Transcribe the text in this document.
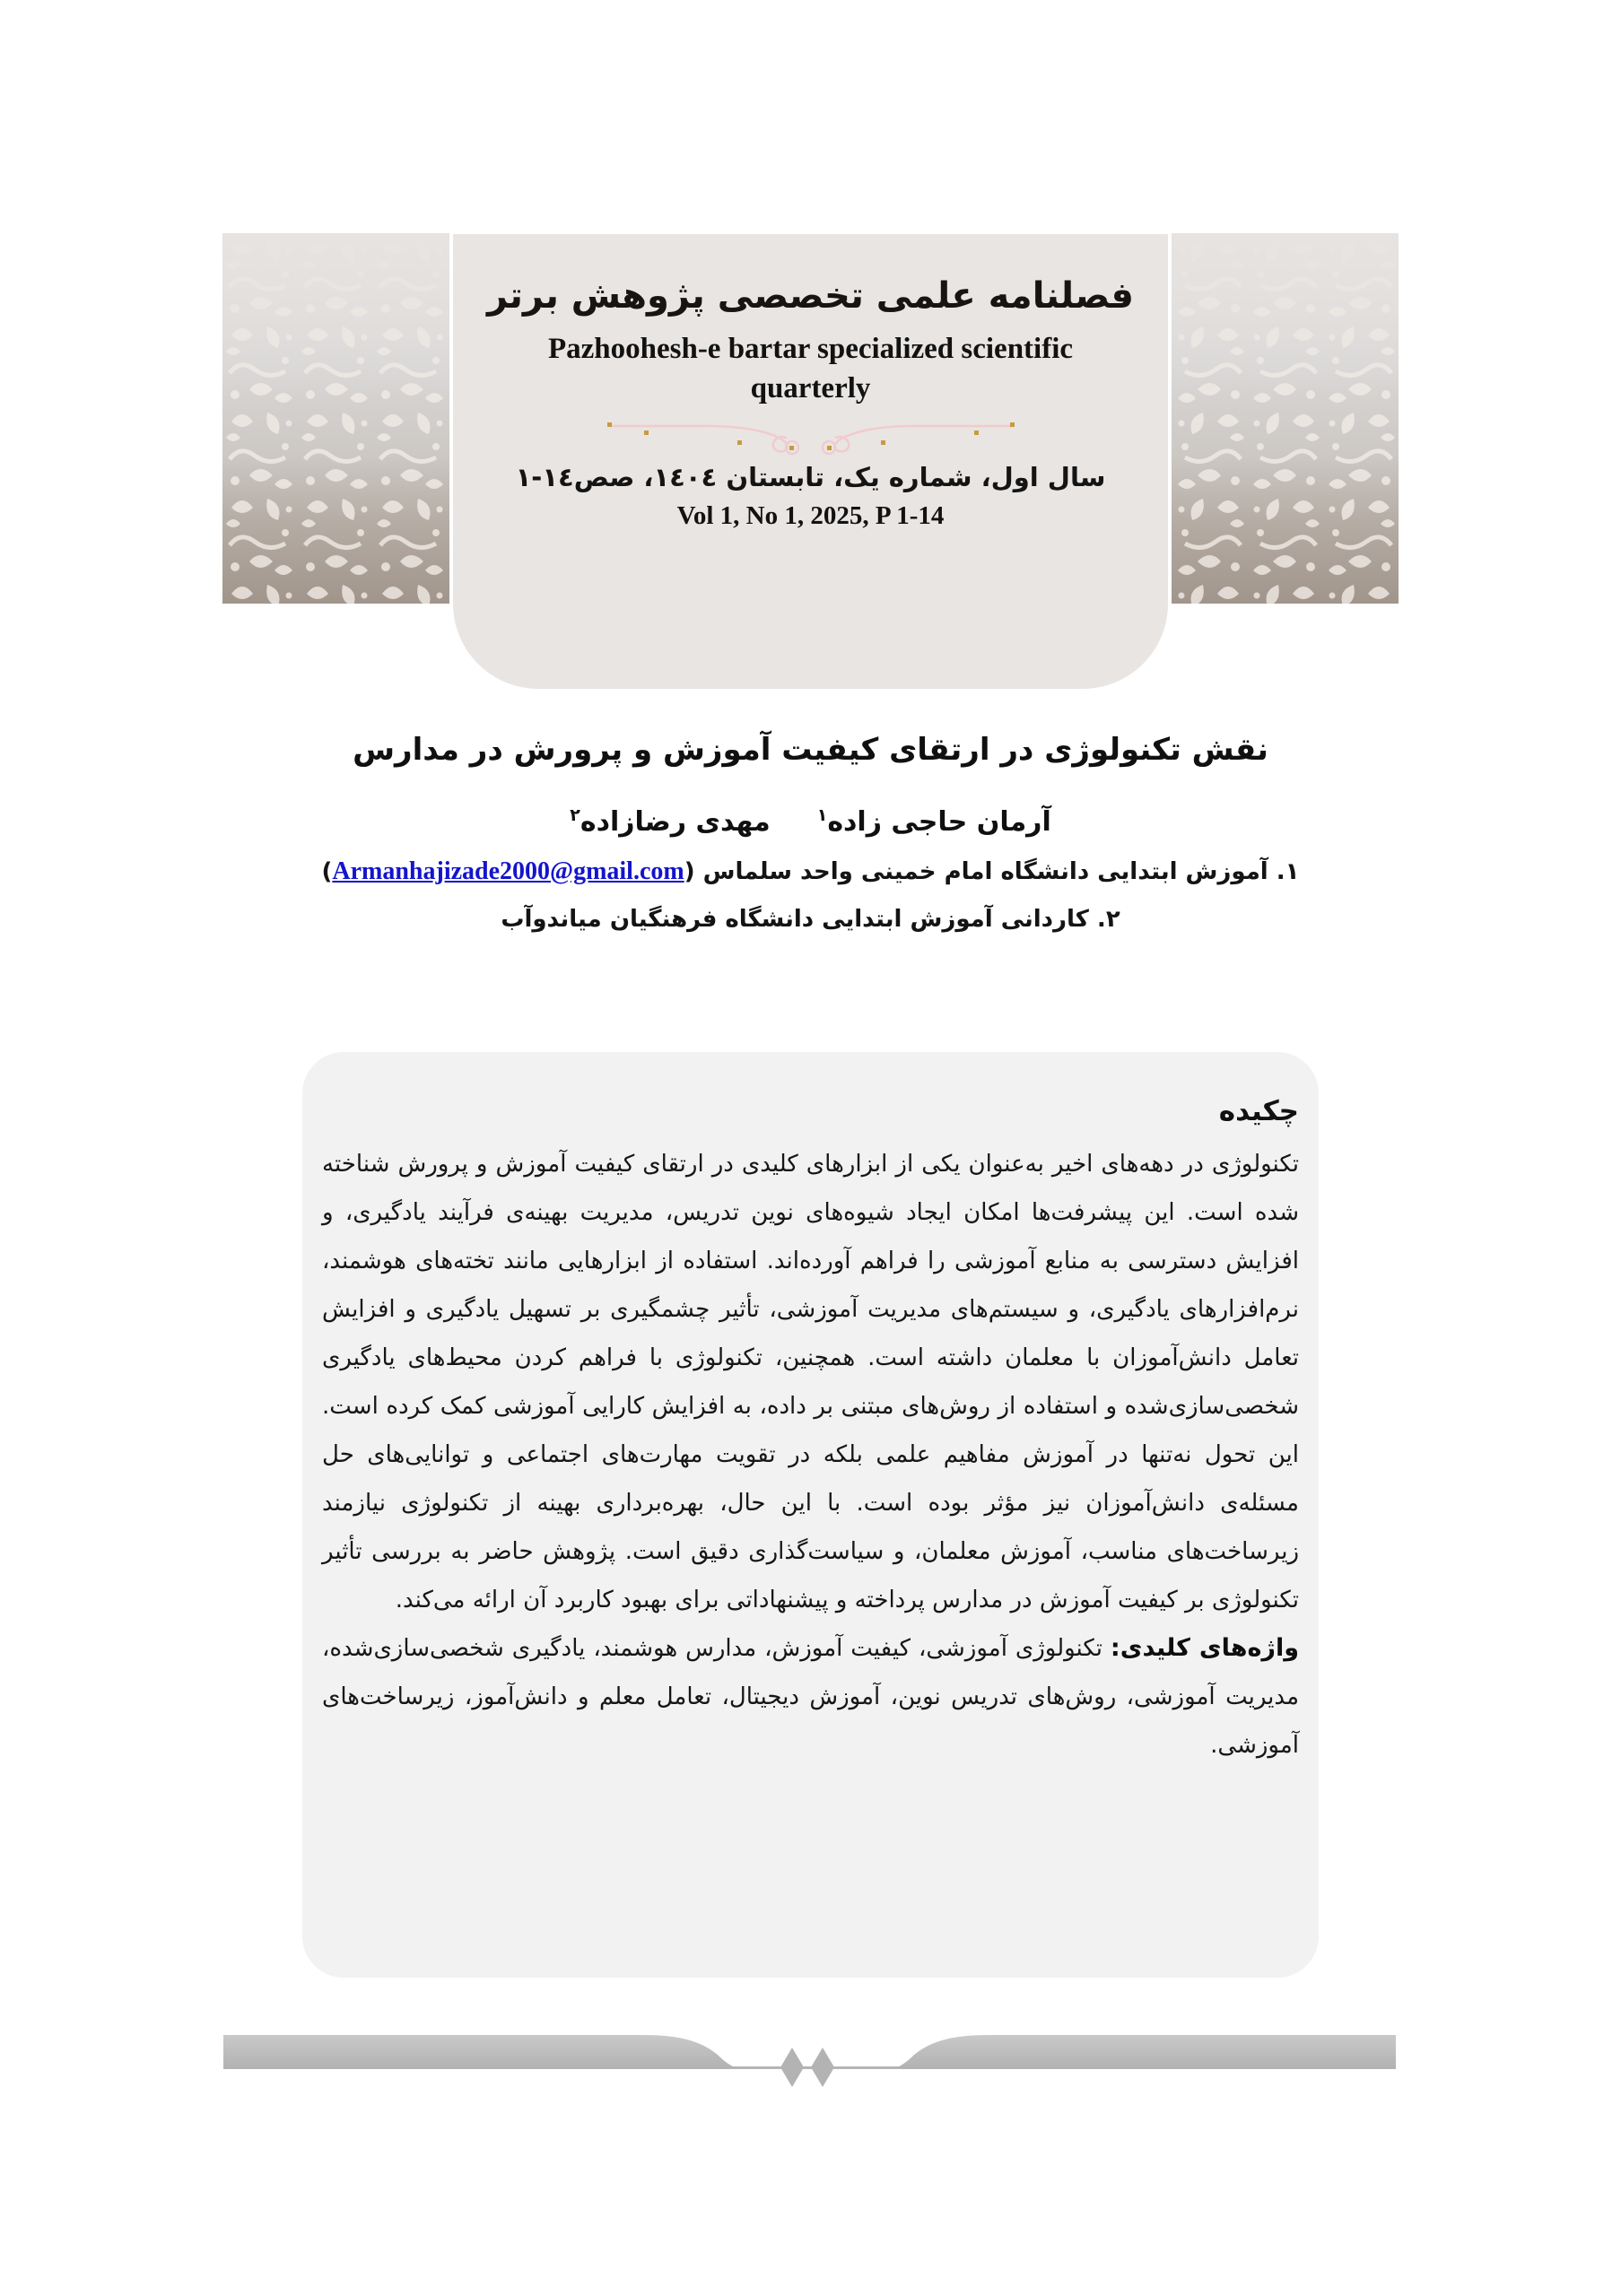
فصلنامه علمی تخصصی پژوهش برتر
Pazhoohesh-e bartar specialized scientific quarterly
سال اول، شماره یک، تابستان ١٤٠٤، صص١٤-١
Vol 1, No 1, 2025, P 1-14
نقش تکنولوژی در ارتقای کیفیت آموزش و پرورش در مدارس
آرمان حاجی زاده$^١$
مهدی رضازاده$^٢$
١. آموزش ابتدایی دانشگاه امام خمینی واحد سلماس (Armanhajizade2000@gmail.com)
٢. کاردانی آموزش ابتدایی دانشگاه فرهنگیان میاندوآب
چکیده

تکنولوژی در دهه‌های اخیر به‌عنوان یکی از ابزارهای کلیدی در ارتقای کیفیت آموزش و پرورش شناخته شده است. این پیشرفت‌ها امکان ایجاد شیوه‌های نوین تدریس، مدیریت بهینه‌ی فرآیند یادگیری، و افزایش دسترسی به منابع آموزشی را فراهم آورده‌اند. استفاده از ابزارهایی مانند تخته‌های هوشمند، نرم‌افزارهای یادگیری، و سیستم‌های مدیریت آموزشی، تأثیر چشمگیری بر تسهیل یادگیری و افزایش تعامل دانش‌آموزان با معلمان داشته است. همچنین، تکنولوژی با فراهم کردن محیط‌های یادگیری شخصی‌سازی‌شده و استفاده از روش‌های مبتنی بر داده، به افزایش کارایی آموزشی کمک کرده است. این تحول نه‌تنها در آموزش مفاهیم علمی بلکه در تقویت مهارت‌های اجتماعی و توانایی‌های حل مسئله‌ی دانش‌آموزان نیز مؤثر بوده است. با این حال، بهره‌برداری بهینه از تکنولوژی نیازمند زیرساخت‌های مناسب، آموزش معلمان، و سیاست‌گذاری دقیق است. پژوهش حاضر به بررسی تأثیر تکنولوژی بر کیفیت آموزش در مدارس پرداخته و پیشنهاداتی برای بهبود کاربرد آن ارائه می‌کند.

واژه‌های کلیدی: تکنولوژی آموزشی، کیفیت آموزش، مدارس هوشمند، یادگیری شخصی‌سازی‌شده، مدیریت آموزشی، روش‌های تدریس نوین، آموزش دیجیتال، تعامل معلم و دانش‌آموز، زیرساخت‌های آموزشی.
